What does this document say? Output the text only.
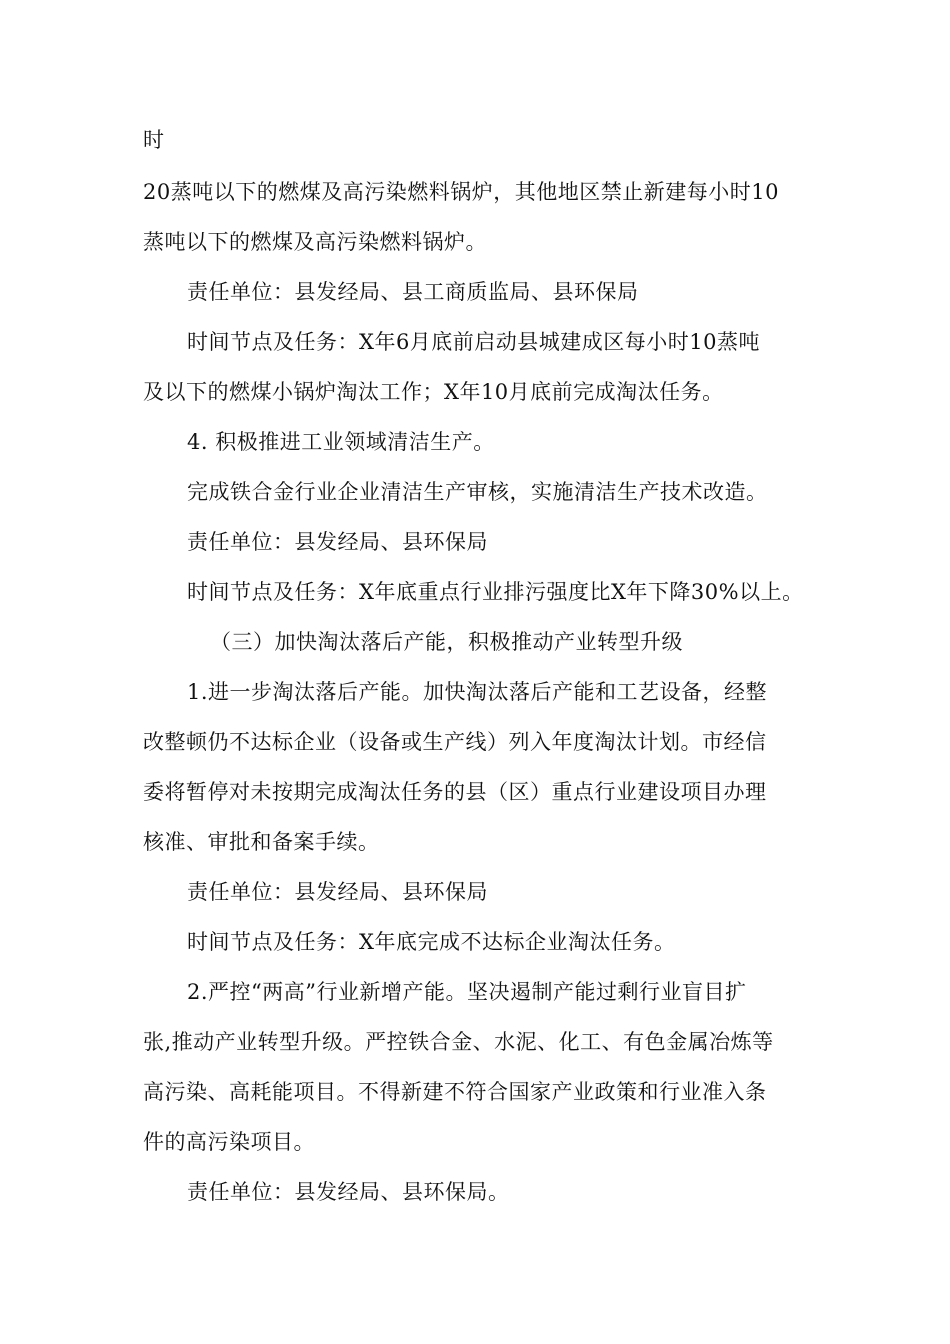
时
20蒸吨以下的燃煤及高污染燃料锅炉，其他地区禁止新建每小时10
蒸吨以下的燃煤及高污染燃料锅炉。
责任单位：县发经局、县工商质监局、县环保局
时间节点及任务：X年6月底前启动县城建成区每小时10蒸吨
及以下的燃煤小锅炉淘汰工作；X年10月底前完成淘汰任务。
4. 积极推进工业领域清洁生产。
完成铁合金行业企业清洁生产审核，实施清洁生产技术改造。
责任单位：县发经局、县环保局
时间节点及任务：X年底重点行业排污强度比X年下降30%以上。
（三）加快淘汰落后产能，积极推动产业转型升级
1.进一步淘汰落后产能。加快淘汰落后产能和工艺设备，经整
改整顿仍不达标企业（设备或生产线）列入年度淘汰计划。市经信
委将暂停对未按期完成淘汰任务的县（区）重点行业建设项目办理
核准、审批和备案手续。
责任单位：县发经局、县环保局
时间节点及任务：X年底完成不达标企业淘汰任务。
2.严控“两高”行业新增产能。坚决遏制产能过剩行业盲目扩
张,推动产业转型升级。严控铁合金、水泥、化工、有色金属冶炼等
高污染、高耗能项目。不得新建不符合国家产业政策和行业准入条
件的高污染项目。
责任单位：县发经局、县环保局。
